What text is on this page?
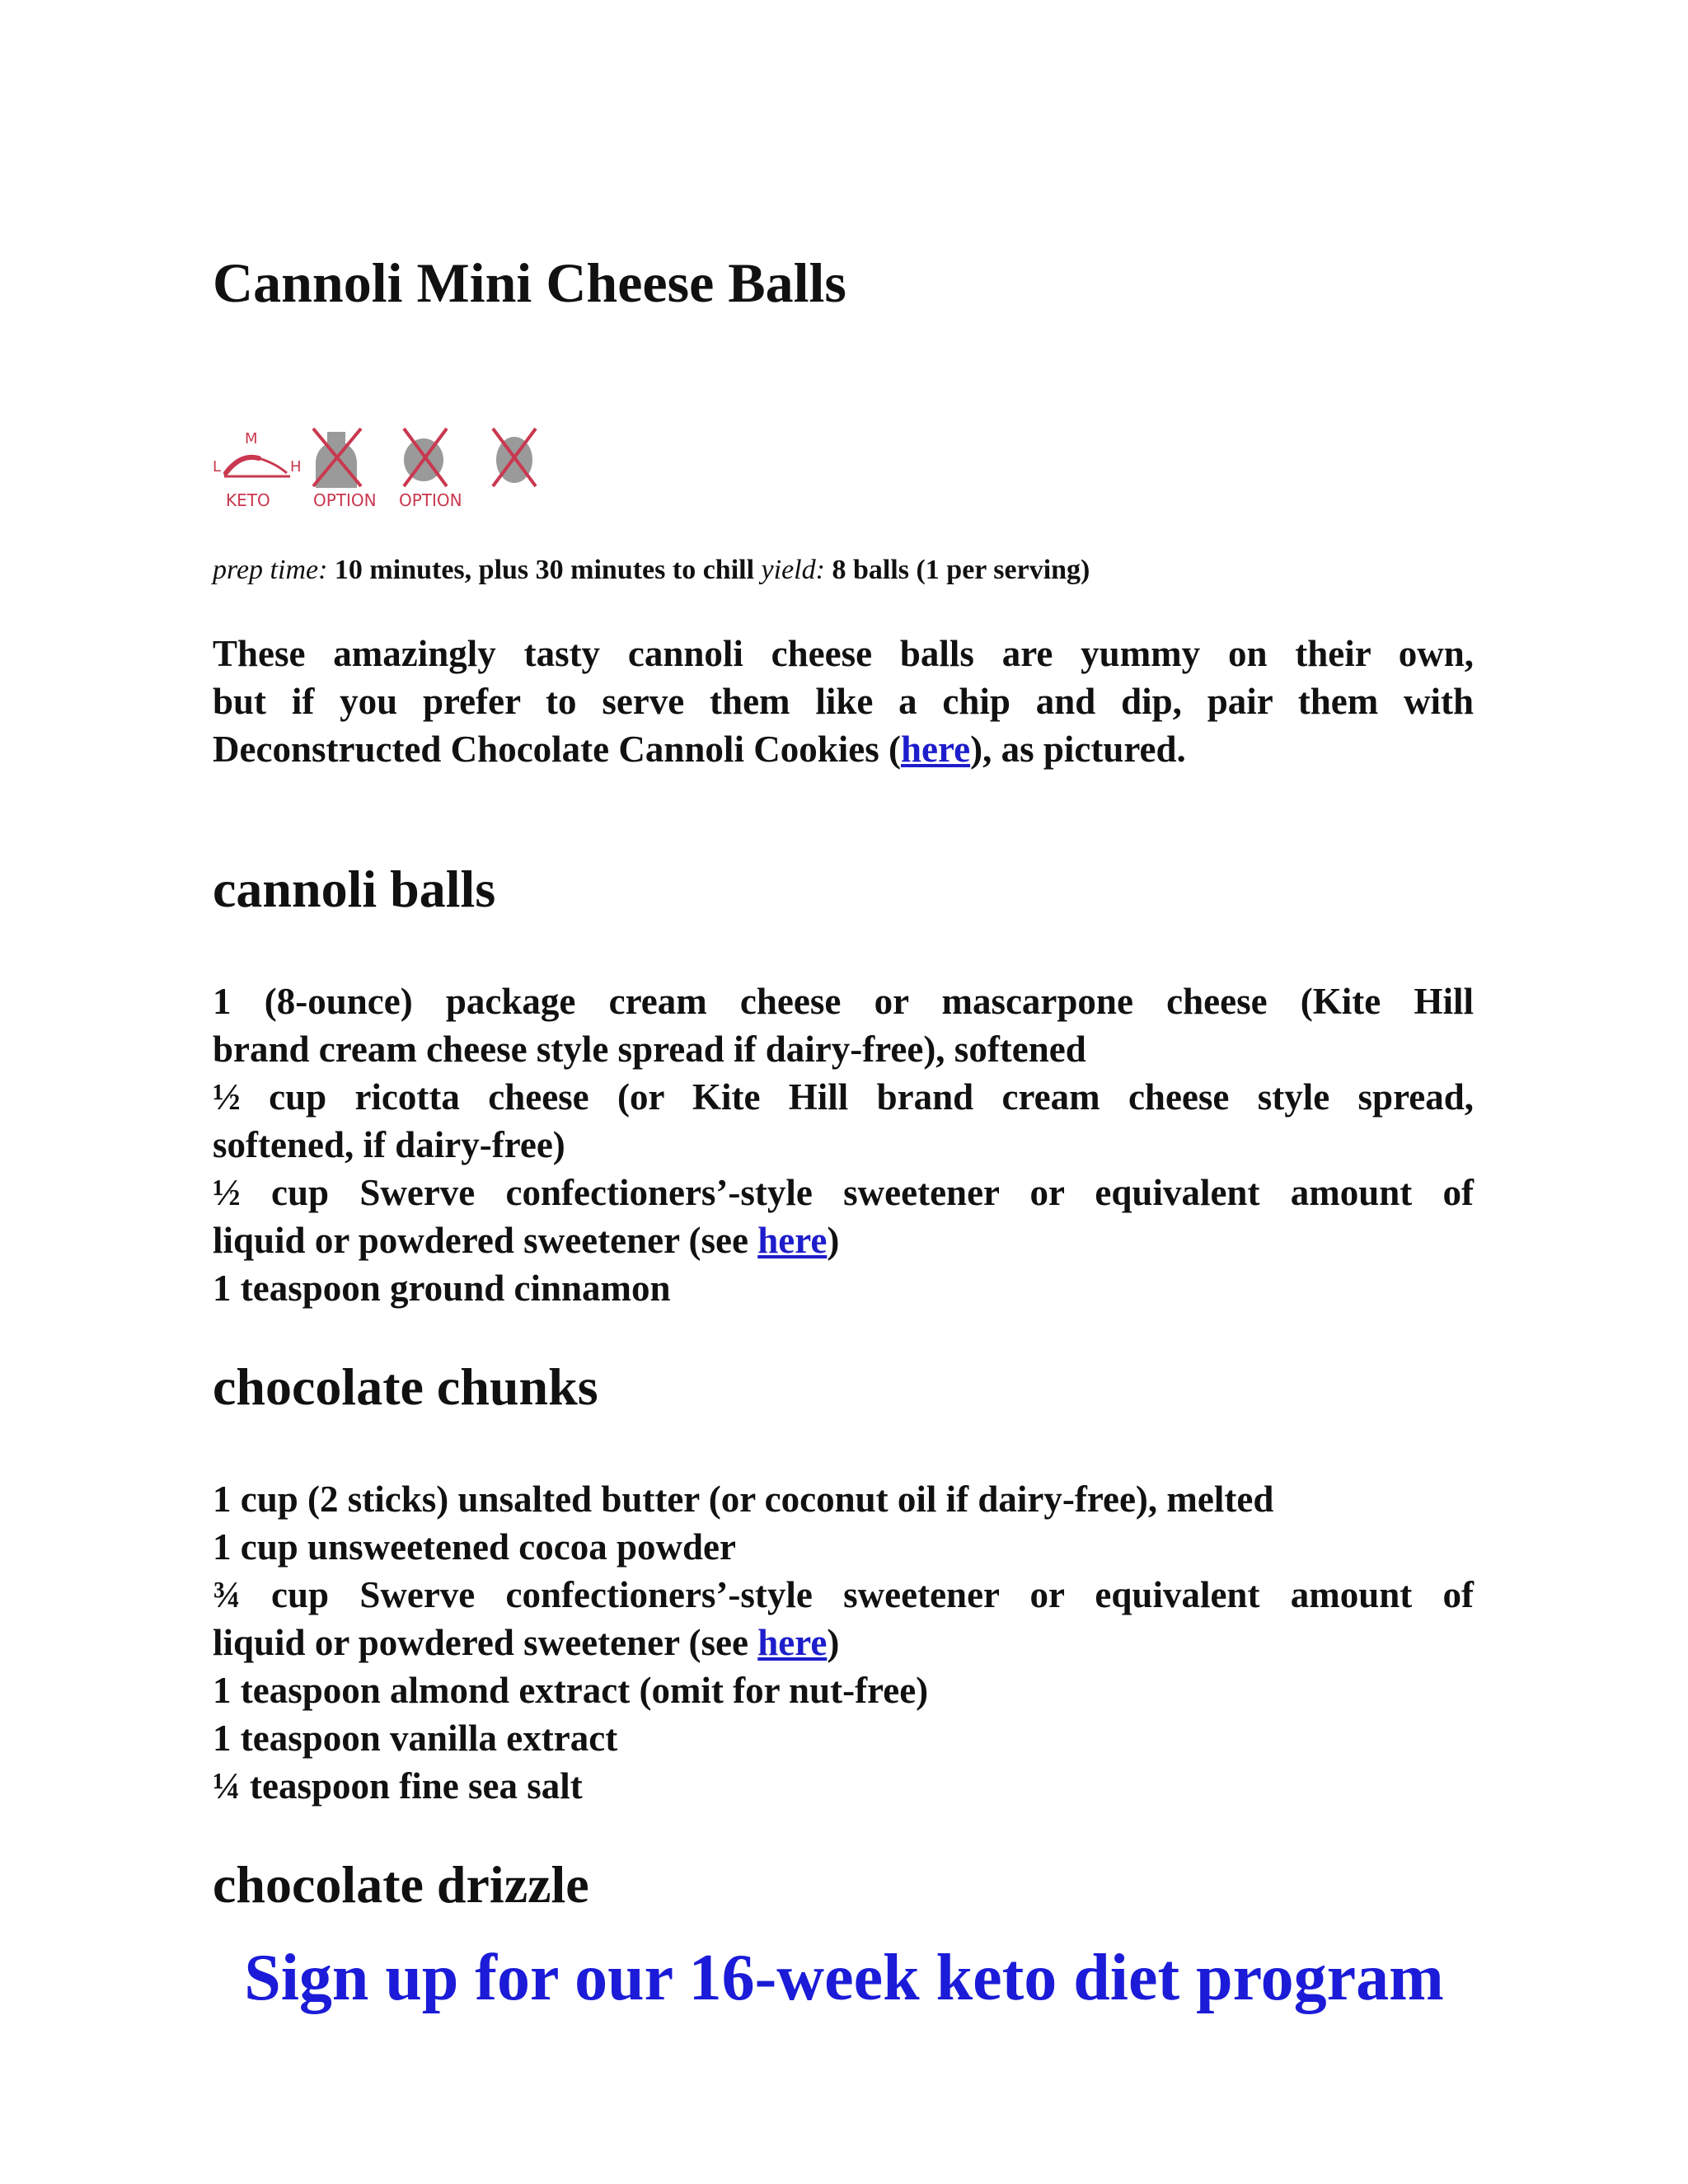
Cannoli Mini Cheese Balls
M
L	H
KETO	OPTION OPTION

prep time: 10 minutes, plus 30 minutes to chill yield: 8 balls (1 per serving)

These amazingly tasty cannoli cheese balls are yummy on their own,
but if you prefer to serve them like a chip and dip, pair them with
Deconstructed Chocolate Cannoli Cookies (here), as pictured.
cannoli balls
1 (8-ounce) package cream cheese or mascarpone cheese (Kite Hill
brand cream cheese style spread if dairy-free), softened
½ cup ricotta cheese (or Kite Hill brand cream cheese style spread,
softened, if dairy-free)
½ cup Swerve confectioners’-style sweetener or equivalent amount of
liquid or powdered sweetener (see here)
1 teaspoon ground cinnamon
chocolate chunks
1 cup (2 sticks) unsalted butter (or coconut oil if dairy-free), melted
1 cup unsweetened cocoa powder
¾ cup Swerve confectioners’-style sweetener or equivalent amount of
liquid or powdered sweetener (see here)
1 teaspoon almond extract (omit for nut-free)
1 teaspoon vanilla extract
¼ teaspoon fine sea salt
chocolate drizzle
Sign up for our 16-week keto diet program
